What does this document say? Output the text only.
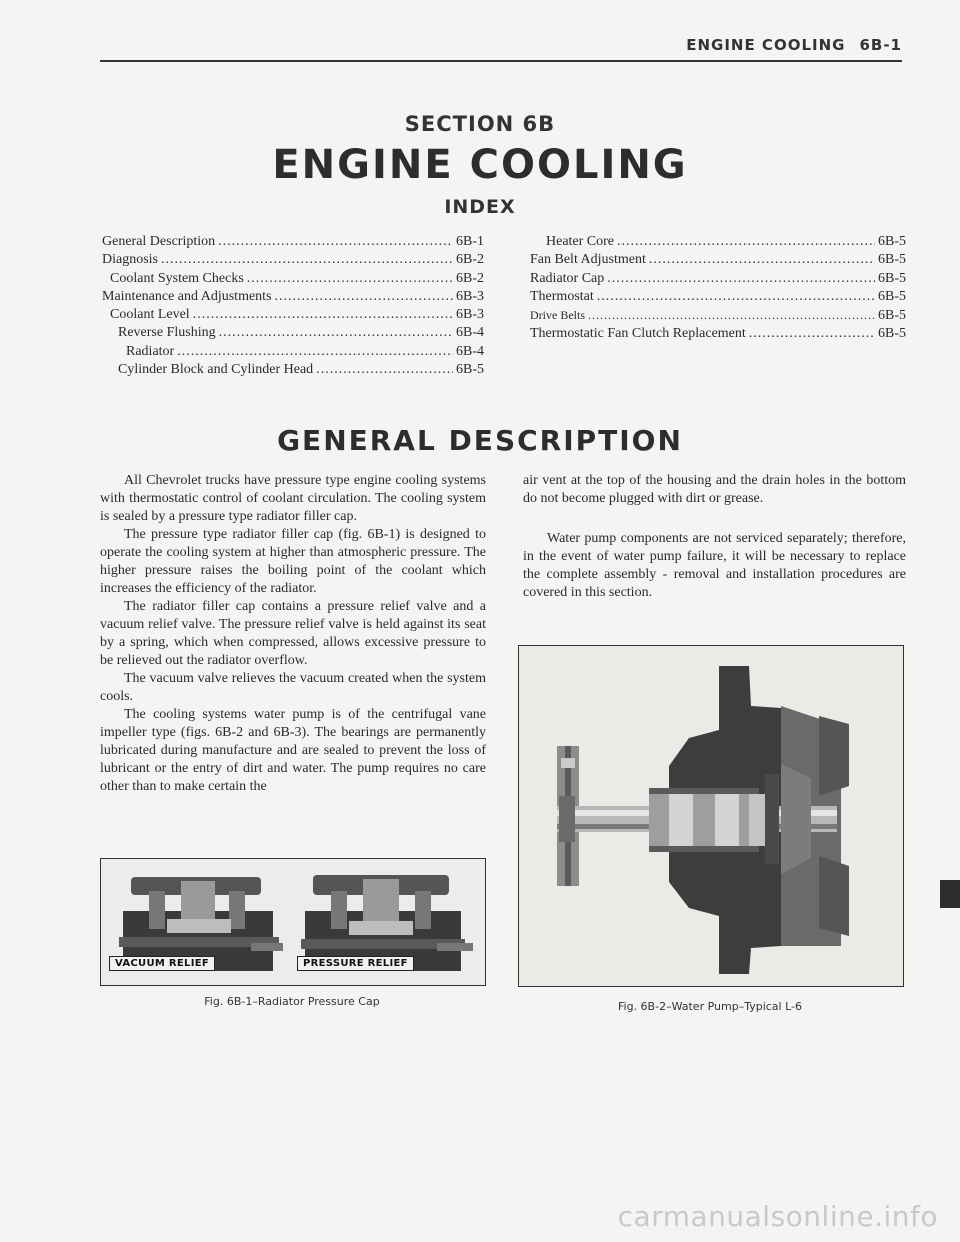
ENGINE COOLING 6B-1
SECTION 6B
ENGINE COOLING
INDEX
General Description .....	6B-1
Diagnosis .....	6B-2
Coolant System Checks .....	6B-2
Maintenance and Adjustments .....	6B-3
Coolant Level .....	6B-3
Reverse Flushing .....	6B-4
Radiator .....	6B-4
Cylinder Block and Cylinder Head .....	6B-5
Heater Core .....	6B-5
Fan Belt Adjustment .....	6B-5
Radiator Cap .....	6B-5
Thermostat .....	6B-5
Drive Belts .....	6B-5
Thermostatic Fan Clutch Replacement .....	6B-5
GENERAL DESCRIPTION

All Chevrolet trucks have pressure type engine cooling systems with thermostatic control of coolant circulation. The cooling system is sealed by a pressure type radiator filler cap.

The pressure type radiator filler cap (fig. 6B-1) is designed to operate the cooling system at higher than atmospheric pressure. The higher pressure raises the boiling point of the coolant which increases the efficiency of the radiator.

The radiator filler cap contains a pressure relief valve and a vacuum relief valve. The pressure relief valve is held against its seat by a spring, which when compressed, allows excessive pressure to be relieved out the radiator overflow.

The vacuum valve relieves the vacuum created when the system cools.

The cooling systems water pump is of the centrifugal vane impeller type (figs. 6B-2 and 6B-3). The bearings are permanently lubricated during manufacture and are sealed to prevent the loss of lubricant or the entry of dirt and water. The pump requires no care other than to make certain the

air vent at the top of the housing and the drain holes in the bottom do not become plugged with dirt or grease.

Water pump components are not serviced separately; therefore, in the event of water pump failure, it will be necessary to replace the complete assembly - removal and installation procedures are covered in this section.

VACUUM RELIEF	PRESSURE RELIEF
Fig. 6B-1–Radiator Pressure Cap	Fig. 6B-2–Water Pump–Typical L-6
carmanualsonline.info
